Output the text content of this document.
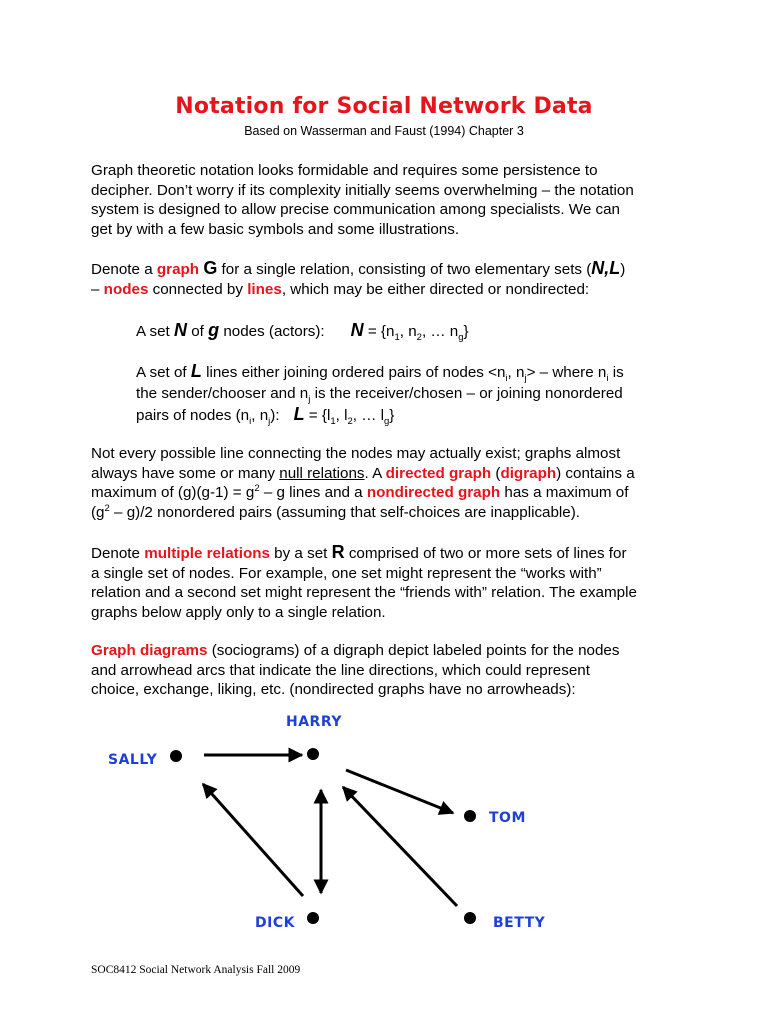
Notation for Social Network Data
Based on Wasserman and Faust (1994) Chapter 3
Graph theoretic notation looks formidable and requires some persistence to
decipher. Don’t worry if its complexity initially seems overwhelming – the notation
system is designed to allow precise communication among specialists. We can
get by with a few basic symbols and some illustrations.
Denote a graph G for a single relation, consisting of two elementary sets (N,L)
– nodes connected by lines, which may be either directed or nondirected:
A set N of g nodes (actors): $N = \{n_1$, $n_2$, … $n_g$}
A set of L lines either joining ordered pairs of nodes $<n_i$, $n_j>$ – where $n_i$ is
the sender/chooser and $n_j$ is the receiver/chosen – or joining nonordered
pairs of nodes ($n_i$, $n_j$): $L = \{l_1$, $l_2$, … $l_g$}
Not every possible line connecting the nodes may actually exist; graphs almost
always have some or many null relations. A directed graph (digraph) contains a
maximum of $(g)(g-1) = g^2 - g$ lines and a nondirected graph has a maximum of
$(g^2 - g)/2$ nonordered pairs (assuming that self-choices are inapplicable).
Denote multiple relations by a set R comprised of two or more sets of lines for
a single set of nodes. For example, one set might represent the “works with”
relation and a second set might represent the “friends with” relation. The example
graphs below apply only to a single relation.
Graph diagrams (sociograms) of a digraph depict labeled points for the nodes
and arrowhead arcs that indicate the line directions, which could represent
choice, exchange, liking, etc. (nondirected graphs have no arrowheads):
HARRY
SALLY
TOM
DICK	BETTY
SOC8412 Social Network Analysis Fall 2009
